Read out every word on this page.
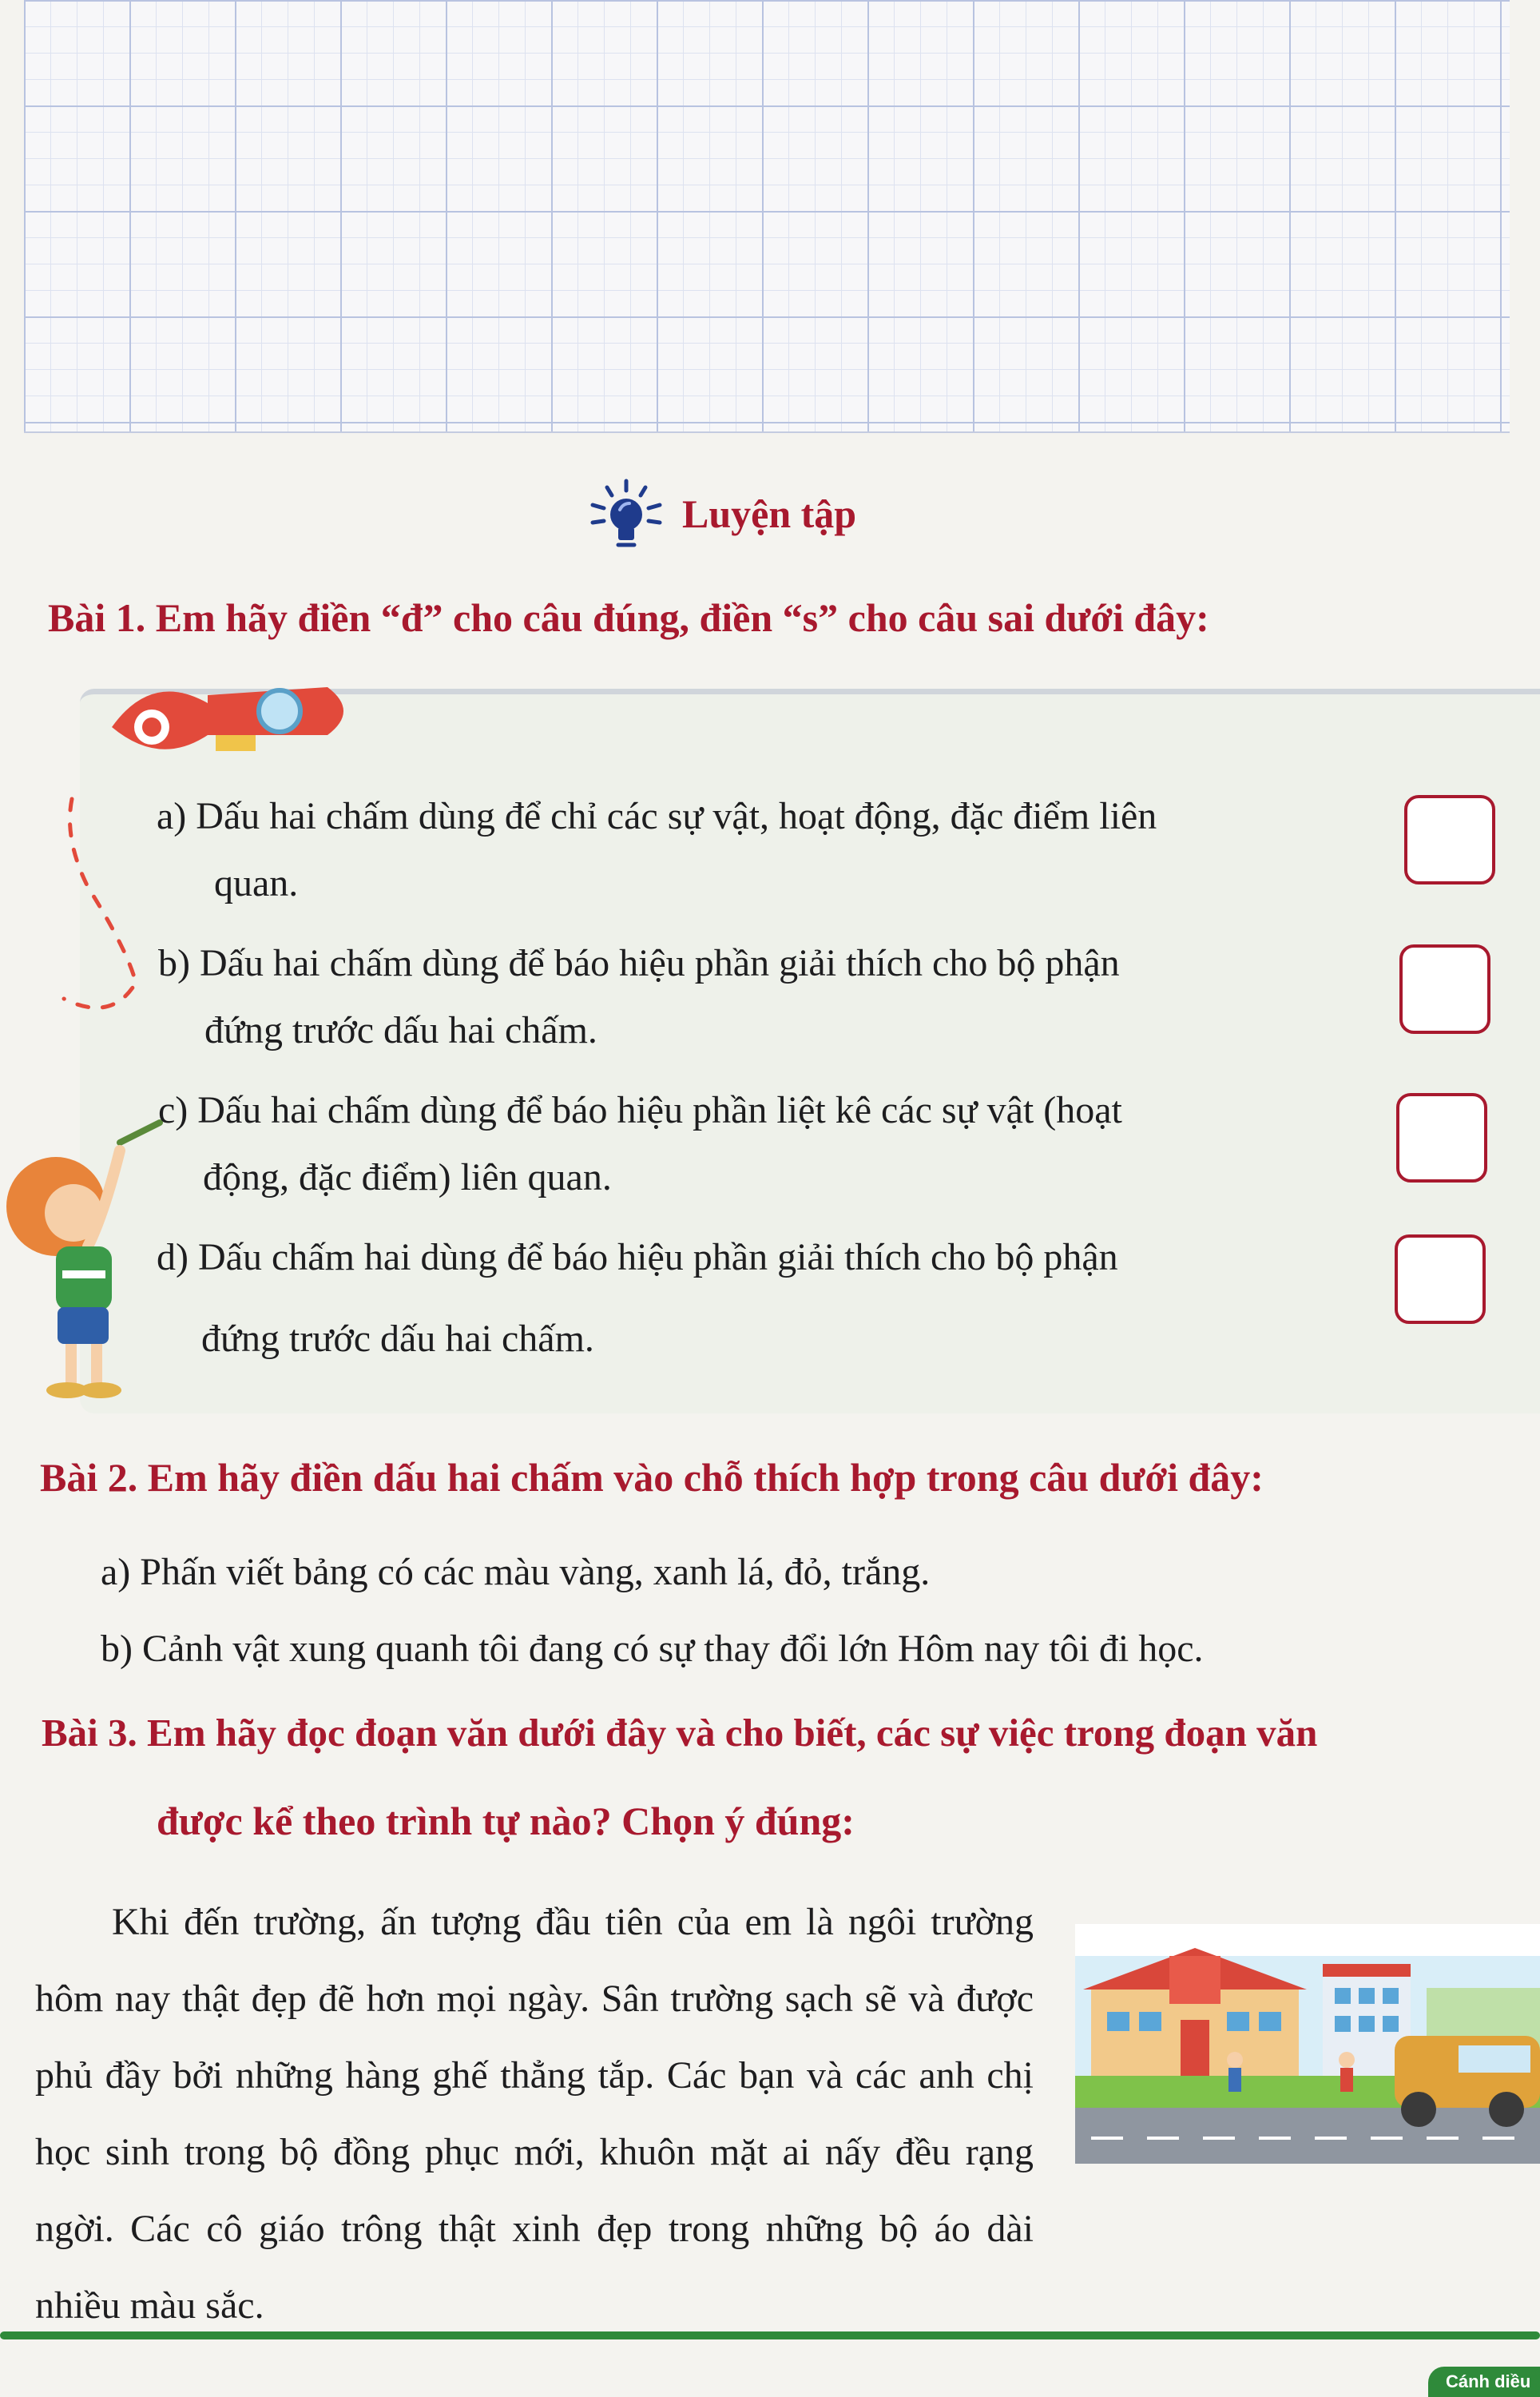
Luyện tập
Bài 1. Em hãy điền “đ” cho câu đúng, điền “s” cho câu sai dưới đây:
a) Dấu hai chấm dùng để chỉ các sự vật, hoạt động, đặc điểm liên
quan.
b) Dấu hai chấm dùng để báo hiệu phần giải thích cho bộ phận
đứng trước dấu hai chấm.
c) Dấu hai chấm dùng để báo hiệu phần liệt kê các sự vật (hoạt
động, đặc điểm) liên quan.
d) Dấu chấm hai dùng để báo hiệu phần giải thích cho bộ phận
đứng trước dấu hai chấm.
Bài 2. Em hãy điền dấu hai chấm vào chỗ thích hợp trong câu dưới đây:
a) Phấn viết bảng có các màu vàng, xanh lá, đỏ, trắng.
b) Cảnh vật xung quanh tôi đang có sự thay đổi lớn Hôm nay tôi đi học.
Bài 3. Em hãy đọc đoạn văn dưới đây và cho biết, các sự việc trong đoạn văn
được kể theo trình tự nào? Chọn ý đúng:

Khi đến trường, ấn tượng đầu tiên của em là ngôi trường hôm nay thật đẹp đẽ hơn mọi ngày. Sân trường sạch sẽ và được phủ đầy bởi những hàng ghế thẳng tắp. Các bạn và các anh chị học sinh trong bộ đồng phục mới, khuôn mặt ai nấy đều rạng ngời. Các cô giáo trông thật xinh đẹp trong những bộ áo dài nhiều màu sắc.

Cánh diều
